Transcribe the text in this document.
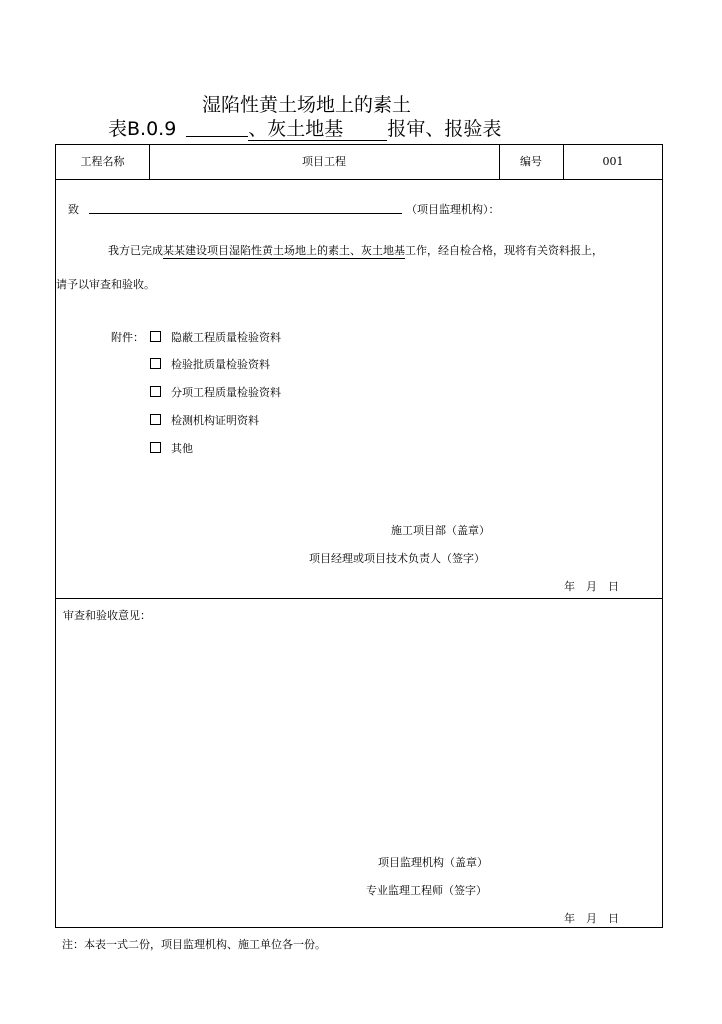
湿陷性黄土场地上的素土
表B.0.9	、灰土地基 报审、报验表
工程名称	项目工程	编号	001
致	（项目监理机构）：
我方已完成某某建设项目湿陷性黄土场地上的素土、灰土地基工作，经自检合格，现将有关资料报上，
请予以审查和验收。
附件：	隐蔽工程质量检验资料
检验批质量检验资料
分项工程质量检验资料
检测机构证明资料
其他
施工项目部（盖章）
项目经理或项目技术负责人（签字）
年　月　日
审查和验收意见：
项目监理机构（盖章）
专业监理工程师（签字）
年　月　日
注：本表一式二份，项目监理机构、施工单位各一份。
